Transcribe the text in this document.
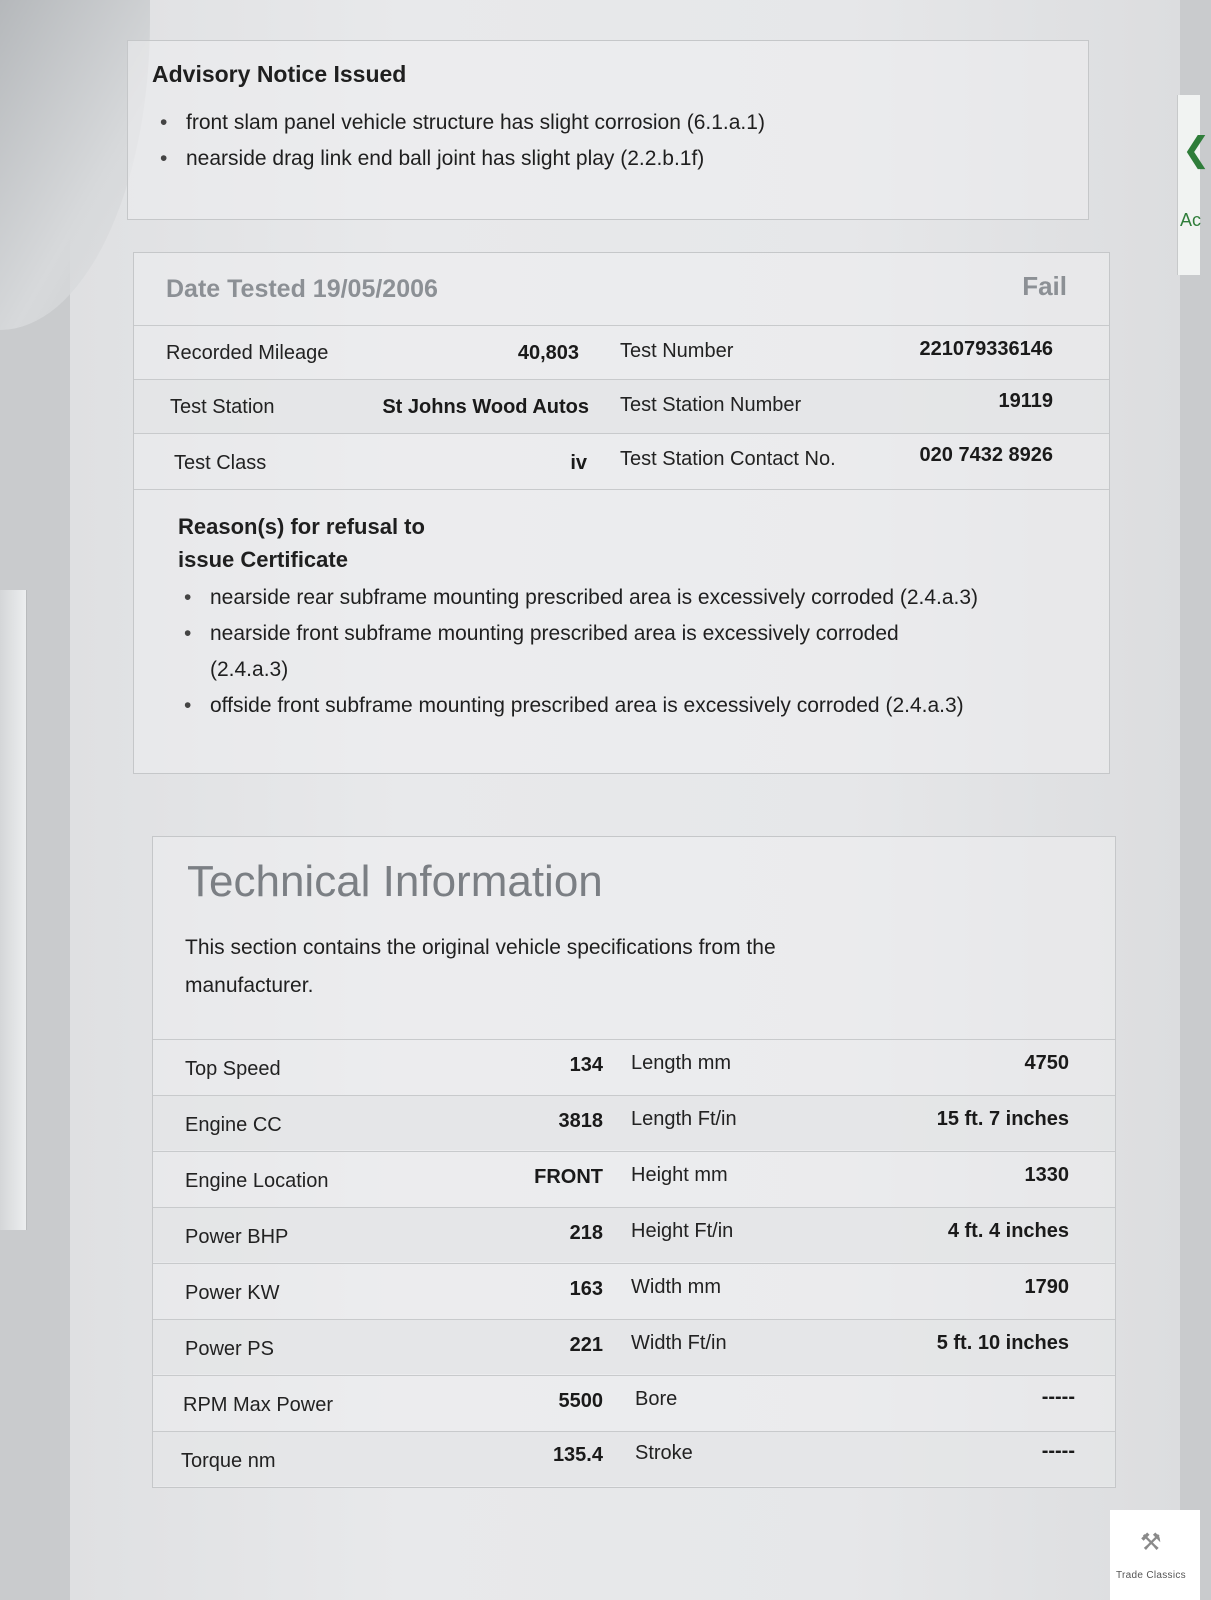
❮
Ac
Advisory Notice Issued
• front slam panel vehicle structure has slight corrosion (6.1.a.1)
• nearside drag link end ball joint has slight play (2.2.b.1f)
Date Tested 19/05/2006	Fail
Recorded Mileage	40,803 Test Number	221079336146
Test Station	St Johns Wood Autos Test Station Number	19119
Test Class	iv Test Station Contact No.	020 7432 8926
Reason(s) for refusal to
issue Certificate
• nearside rear subframe mounting prescribed area is excessively corroded (2.4.a.3)
• nearside front subframe mounting prescribed area is excessively corroded (2.4.a.3)
• offside front subframe mounting prescribed area is excessively corroded (2.4.a.3)
Technical Information
This section contains the original vehicle specifications from the
manufacturer.
Top Speed	134 Length mm	4750
Engine CC	3818 Length Ft/in	15 ft. 7 inches
Engine Location	FRONT Height mm	1330
Power BHP	218 Height Ft/in	4 ft. 4 inches
Power KW	163 Width mm	1790
Power PS	221 Width Ft/in	5 ft. 10 inches
RPM Max Power	5500 Bore	-----
Torque nm	135.4 Stroke	-----
⚒
Trade Classics
